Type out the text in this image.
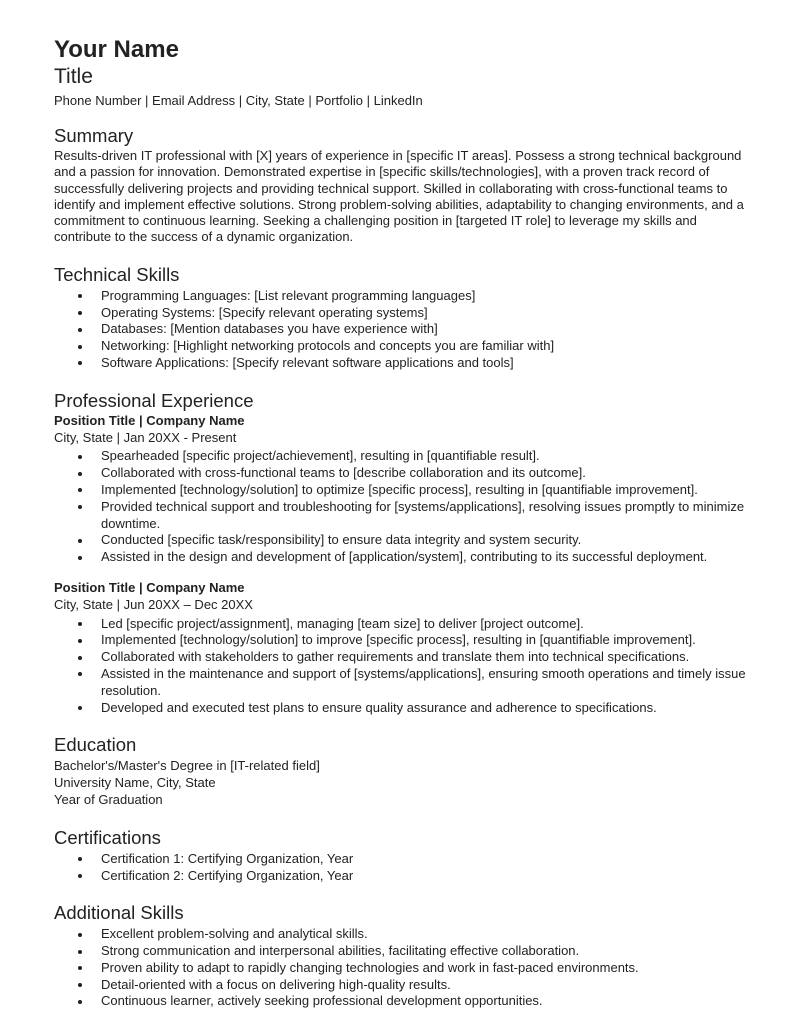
Your Name
Title
Phone Number | Email Address | City, State | Portfolio | LinkedIn
Summary

Results-driven IT professional with [X] years of experience in [specific IT areas]. Possess a strong technical background and a passion for innovation. Demonstrated expertise in [specific skills/technologies], with a proven track record of successfully delivering projects and providing technical support. Skilled in collaborating with cross-functional teams to identify and implement effective solutions. Strong problem-solving abilities, adaptability to changing environments, and a commitment to continuous learning. Seeking a challenging position in [targeted IT role] to leverage my skills and contribute to the success of a dynamic organization.

Technical Skills
Programming Languages: [List relevant programming languages]
Operating Systems: [Specify relevant operating systems]
Databases: [Mention databases you have experience with]
Networking: [Highlight networking protocols and concepts you are familiar with]
Software Applications: [Specify relevant software applications and tools]
Professional Experience
Position Title | Company Name
City, State | Jan 20XX - Present
Spearheaded [specific project/achievement], resulting in [quantifiable result].
Collaborated with cross-functional teams to [describe collaboration and its outcome].
Implemented [technology/solution] to optimize [specific process], resulting in [quantifiable improvement].
Provided technical support and troubleshooting for [systems/applications], resolving issues promptly to minimize downtime.
Conducted [specific task/responsibility] to ensure data integrity and system security.
Assisted in the design and development of [application/system], contributing to its successful deployment.
Position Title | Company Name
City, State | Jun 20XX – Dec 20XX
Led [specific project/assignment], managing [team size] to deliver [project outcome].
Implemented [technology/solution] to improve [specific process], resulting in [quantifiable improvement].
Collaborated with stakeholders to gather requirements and translate them into technical specifications.
Assisted in the maintenance and support of [systems/applications], ensuring smooth operations and timely issue resolution.
Developed and executed test plans to ensure quality assurance and adherence to specifications.
Education
Bachelor's/Master's Degree in [IT-related field]
University Name, City, State
Year of Graduation
Certifications
Certification 1: Certifying Organization, Year
Certification 2: Certifying Organization, Year
Additional Skills
Excellent problem-solving and analytical skills.
Strong communication and interpersonal abilities, facilitating effective collaboration.
Proven ability to adapt to rapidly changing technologies and work in fast-paced environments.
Detail-oriented with a focus on delivering high-quality results.
Continuous learner, actively seeking professional development opportunities.
